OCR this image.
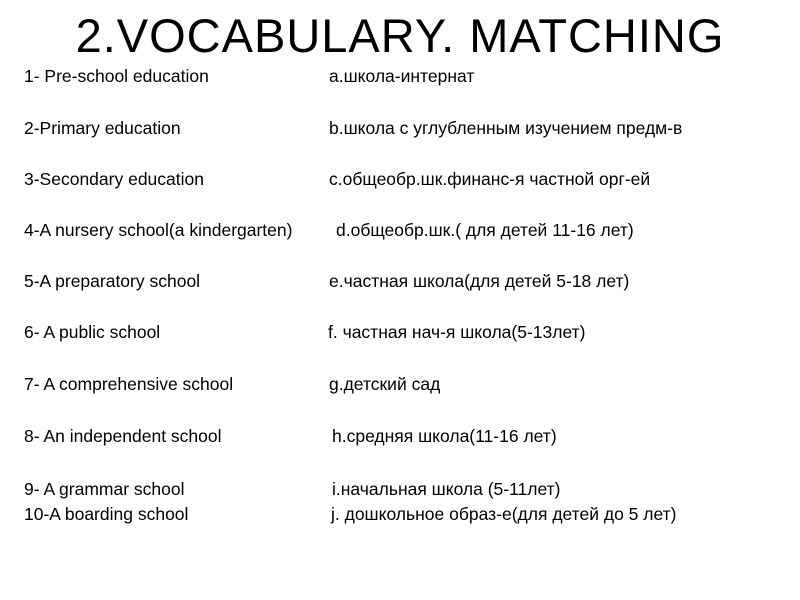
2.VOCABULARY. MATCHING
1- Pre-school education	a.школа-интернат
2-Primary education	b.школа с углубленным изучением предм-в
3-Secondary education	c.общеобр.шк.финанс-я частной орг-ей
4-A nursery school(a kindergarten) d.общеобр.шк.( для детей 11-16 лет)
5-A preparatory school	e.частная школа(для детей 5-18 лет)
6- A public school	f. частная нач-я школа(5-13лет)
7- A comprehensive school	g.детский сад
8- An independent school	h.средняя школа(11-16 лет)
9- A grammar school	i.начальная школа (5-11лет)
10-A boarding school	j. дошкольное образ-е(для детей до 5 лет)
